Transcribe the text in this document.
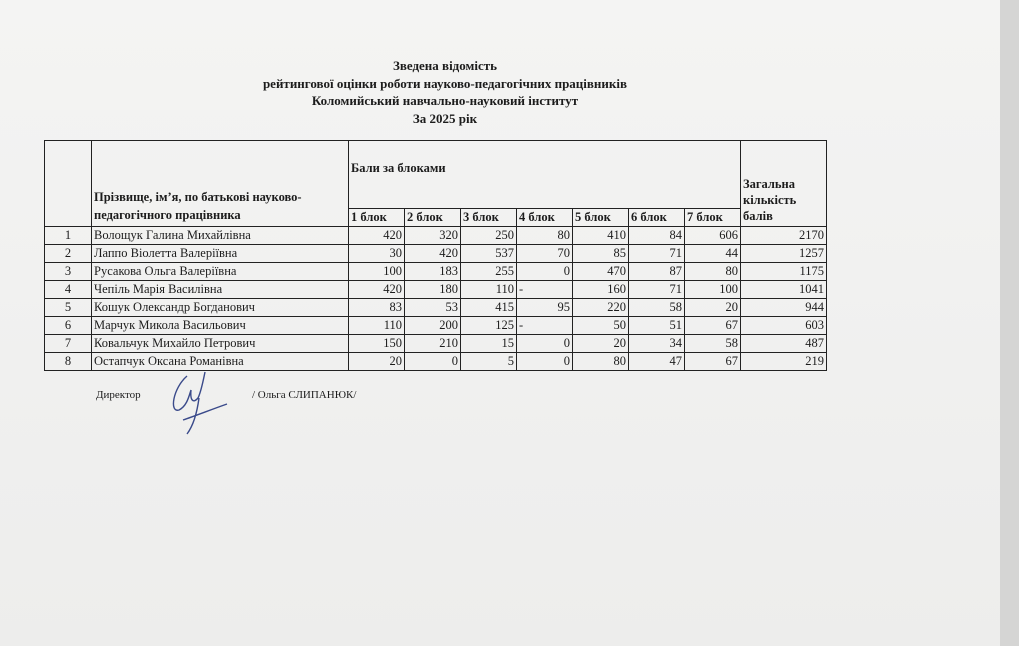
Зведена відомість
рейтингової оцінки роботи науково-педагогічних працівників
Коломийський навчально-науковий інститут
За 2025 рік
	Прізвище, ім’я, по батькові науково-педагогічного працівника	Бали за блоками							Загальна кількість балів
		1 блок	2 блок	3 блок	4 блок	5 блок	6 блок	7 блок	
1	Волощук Галина Михайлівна	420	320	250	80	410	84	606	2170
2	Лаппо Віолетта Валеріївна	30	420	537	70	85	71	44	1257
3	Русакова Ольга Валеріївна	100	183	255	0	470	87	80	1175
4	Чепіль Марія Василівна	420	180	110	-	160	71	100	1041
5	Кошук Олександр Богданович	83	53	415	95	220	58	20	944
6	Марчук Микола Васильович	110	200	125	-	50	51	67	603
7	Ковальчук Михайло Петрович	150	210	15	0	20	34	58	487
8	Остапчук Оксана Романівна	20	0	5	0	80	47	67	219
Директор	/ Ольга СЛИПАНЮК/
